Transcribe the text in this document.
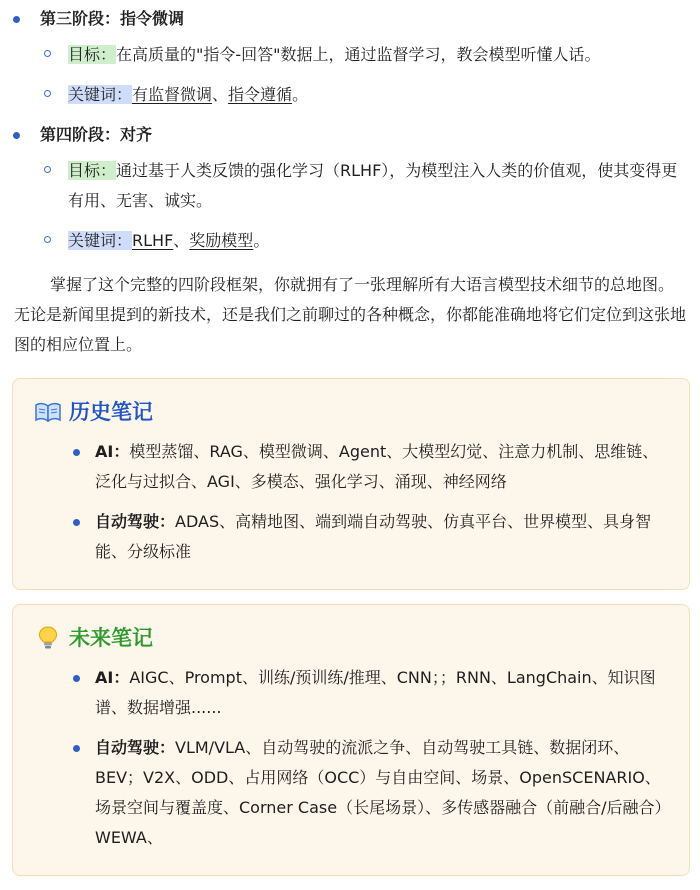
第三阶段：指令微调
目标：在高质量的"指令-回答"数据上，通过监督学习，教会模型听懂人话。
关键词：有监督微调、指令遵循。
第四阶段：对齐
目标：通过基于人类反馈的强化学习（RLHF），为模型注入人类的价值观，使其变得更有用、无害、诚实。
关键词：RLHF、奖励模型。

掌握了这个完整的四阶段框架，你就拥有了一张理解所有大语言模型技术细节的总地图。无论是新闻里提到的新技术，还是我们之前聊过的各种概念，你都能准确地将它们定位到这张地图的相应位置上。

历史笔记
AI：模型蒸馏、RAG、模型微调、Agent、大模型幻觉、注意力机制、思维链、泛化与过拟合、AGI、多模态、强化学习、涌现、神经网络
自动驾驶：ADAS、高精地图、端到端自动驾驶、仿真平台、世界模型、具身智能、分级标准
未来笔记
AI：AIGC、Prompt、训练/预训练/推理、CNN；；RNN、LangChain、知识图谱、数据增强......
自动驾驶：VLM/VLA、自动驾驶的流派之争、自动驾驶工具链、数据闭环、BEV；V2X、ODD、占用网络（OCC）与自由空间、场景、OpenSCENARIO、场景空间与覆盖度、Corner Case（长尾场景）、多传感器融合（前融合/后融合）WEWA、
